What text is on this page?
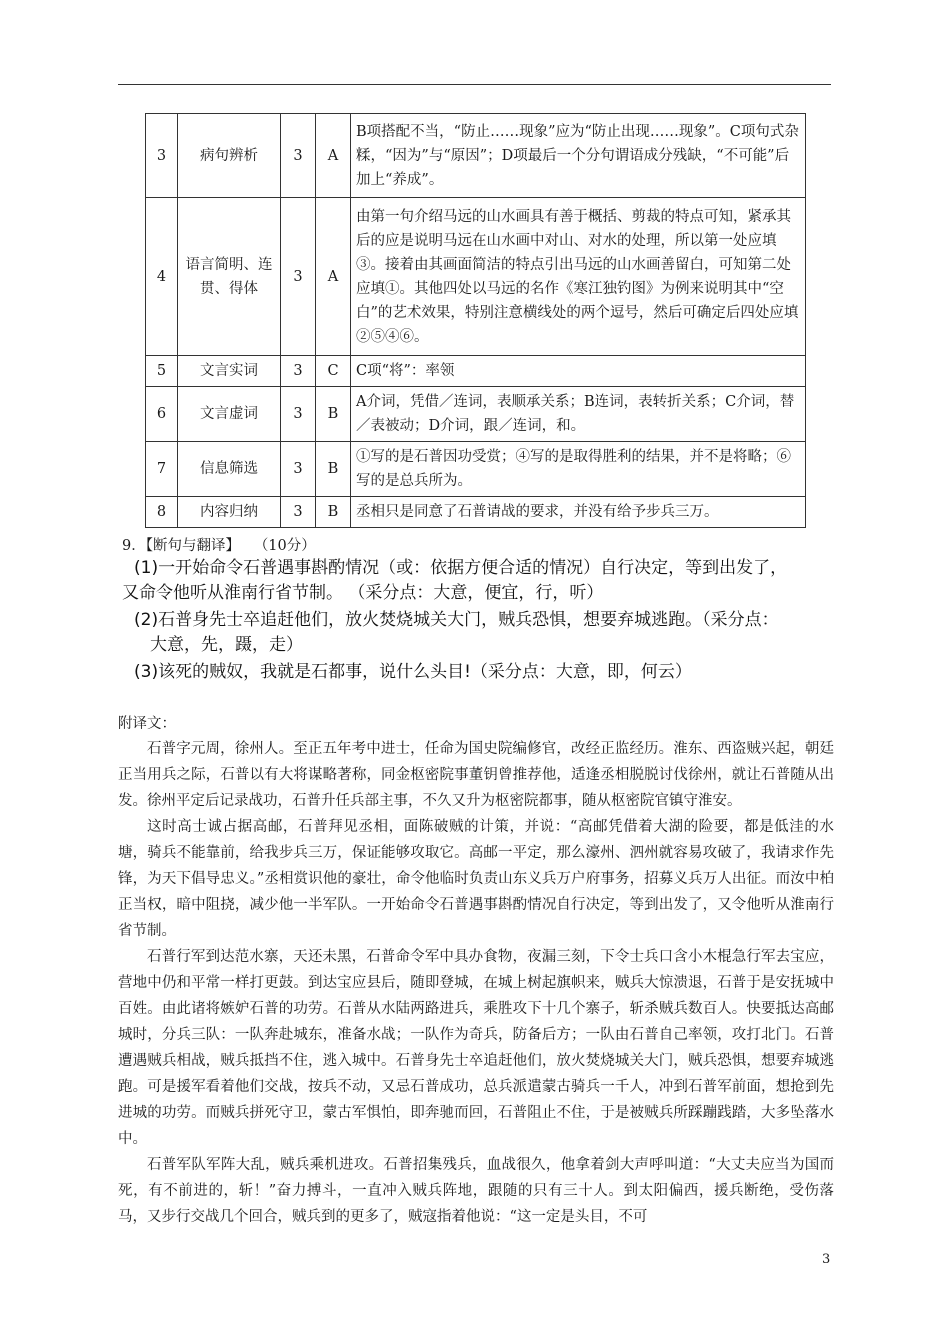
3	病句辨析	3	A	B项搭配不当，“防止……现象”应为“防止出现……现象”。C项句式杂糅，“因为”与“原因”；D项最后一个分句谓语成分残缺，“不可能”后加上“养成”。
4	语言简明、连贯、得体	3	A	由第一句介绍马远的山水画具有善于概括、剪裁的特点可知，紧承其后的应是说明马远在山水画中对山、对水的处理，所以第一处应填③。接着由其画面简洁的特点引出马远的山水画善留白，可知第二处应填①。其他四处以马远的名作《寒江独钓图》为例来说明其中“空白”的艺术效果，特别注意横线处的两个逗号，然后可确定后四处应填②⑤④⑥。
5	文言实词	3	C	C项“将”：率领
6	文言虚词	3	B	A介词，凭借／连词，表顺承关系；B连词，表转折关系；C介词，替／表被动；D介词，跟／连词，和。
7	信息筛选	3	B	①写的是石普因功受赏；④写的是取得胜利的结果，并不是将略；⑥写的是总兵所为。
8	内容归纳	3	B	丞相只是同意了石普请战的要求，并没有给予步兵三万。
9．【断句与翻译】 （10分）
(1)一开始命令石普遇事斟酌情况（或：依据方便合适的情况）自行决定，等到出发了，
又命令他听从淮南行省节制。 （采分点：大意，便宜，行，听）
(2)石普身先士卒追赶他们，放火焚烧城关大门，贼兵恐惧，想要弃城逃跑。（采分点：
大意，先，蹑，走）
(3)该死的贼奴，我就是石都事，说什么头目!（采分点：大意，即，何云）
附译文：

石普字元周，徐州人。至正五年考中进士，任命为国史院编修官，改经正监经历。淮东、西盗贼兴起，朝廷正当用兵之际，石普以有大将谋略著称，同金枢密院事董钥曾推荐他，适逢丞相脱脱讨伐徐州，就让石普随从出发。徐州平定后记录战功，石普升任兵部主事，不久又升为枢密院都事，随从枢密院官镇守淮安。

这时高士诚占据高邮，石普拜见丞相，面陈破贼的计策，并说：“高邮凭借着大湖的险要，都是低洼的水塘，骑兵不能靠前，给我步兵三万，保证能够攻取它。高邮一平定，那么濠州、泗州就容易攻破了，我请求作先锋，为天下倡导忠义。”丞相赏识他的豪壮，命令他临时负责山东义兵万户府事务，招募义兵万人出征。而汝中柏正当权，暗中阻挠，减少他一半军队。一开始命令石普遇事斟酌情况自行决定，等到出发了，又令他听从淮南行省节制。

石普行军到达范水寨，天还未黑，石普命令军中具办食物，夜漏三刻，下令士兵口含小木棍急行军去宝应，营地中仍和平常一样打更鼓。到达宝应县后，随即登城，在城上树起旗帜来，贼兵大惊溃退，石普于是安抚城中百姓。由此诸将嫉妒石普的功劳。石普从水陆两路进兵，乘胜攻下十几个寨子，斩杀贼兵数百人。快要抵达高邮城时，分兵三队：一队奔赴城东，准备水战；一队作为奇兵，防备后方；一队由石普自己率领，攻打北门。石普遭遇贼兵相战，贼兵抵挡不住，逃入城中。石普身先士卒追赶他们，放火焚烧城关大门，贼兵恐惧，想要弃城逃跑。可是援军看着他们交战，按兵不动，又忌石普成功，总兵派遣蒙古骑兵一千人，冲到石普军前面，想抢到先进城的功劳。而贼兵拼死守卫，蒙古军惧怕，即奔驰而回，石普阻止不住，于是被贼兵所踩蹦践踏，大多坠落水中。

石普军队军阵大乱，贼兵乘机进攻。石普招集残兵，血战很久，他拿着剑大声呼叫道：“大丈夫应当为国而死，有不前进的，斩！”奋力搏斗，一直冲入贼兵阵地，跟随的只有三十人。到太阳偏西，援兵断绝，受伤落马，又步行交战几个回合，贼兵到的更多了，贼寇指着他说：“这一定是头目，不可

3
